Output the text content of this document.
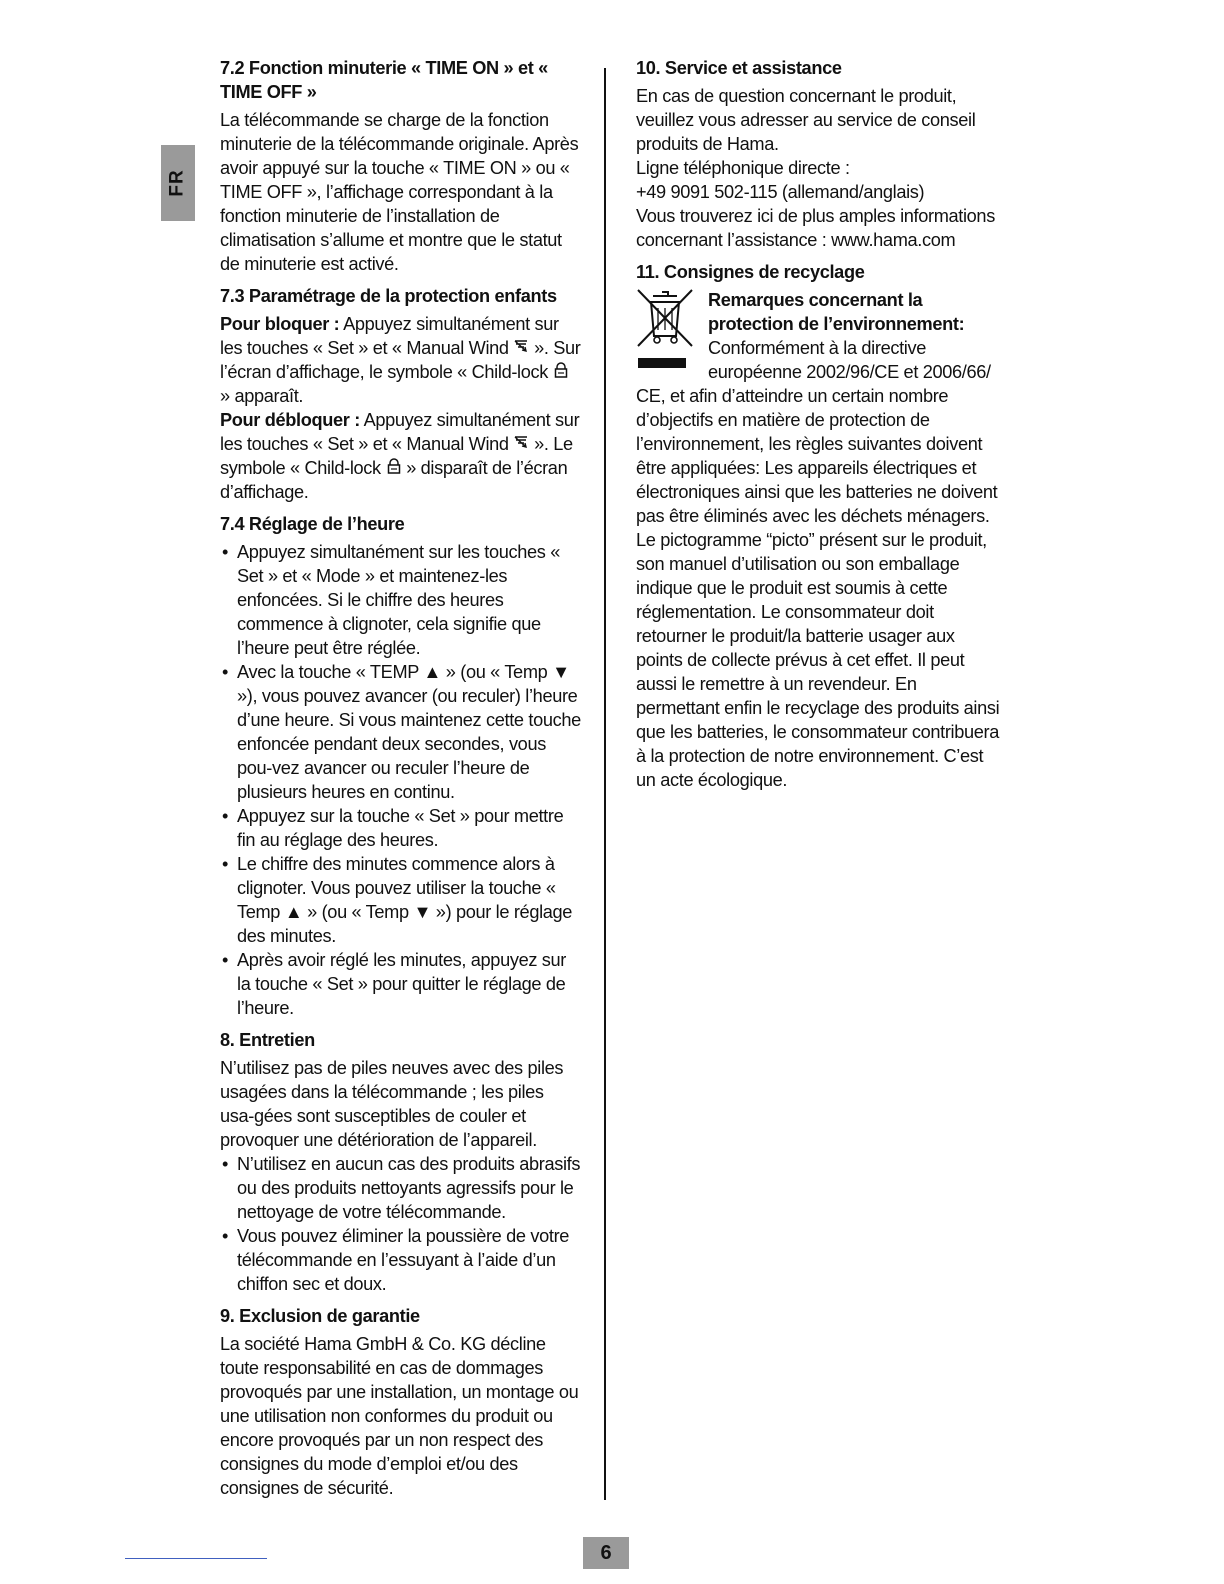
FR
7.2 Fonction minuterie « TIME ON » et « TIME OFF »

La télécommande se charge de la fonction minuterie de la télécommande originale. Après avoir appuyé sur la touche « TIME ON » ou « TIME OFF », l’affichage correspondant à la fonction minuterie de l’installation de climatisation s’allume et montre que le statut de minuterie est activé.

7.3 Paramétrage de la protection enfants

Pour bloquer : Appuyez simultanément sur les touches « Set » et « Manual Wind  ». Sur l’écran d’affichage, le symbole « Child-lock  » apparaît.

Pour débloquer : Appuyez simultanément sur les touches « Set » et « Manual Wind  ». Le symbole « Child-lock  » disparaît de l’écran d’affichage.

7.4 Réglage de l’heure
• Appuyez simultanément sur les touches « Set » et « Mode » et maintenez-les enfoncées. Si le chiffre des heures commence à clignoter, cela signifie que l’heure peut être réglée.
• Avec la touche « TEMP ▲ » (ou « Temp ▼ »), vous pouvez avancer (ou reculer) l’heure d’une heure. Si vous maintenez cette touche enfoncée pendant deux secondes, vous pou-vez avancer ou reculer l’heure de plusieurs heures en continu.
• Appuyez sur la touche « Set » pour mettre fin au réglage des heures.
• Le chiffre des minutes commence alors à clignoter. Vous pouvez utiliser la touche « Temp ▲ » (ou « Temp ▼ ») pour le réglage des minutes.
• Après avoir réglé les minutes, appuyez sur la touche « Set » pour quitter le réglage de l’heure.
8. Entretien

N’utilisez pas de piles neuves avec des piles usagées dans la télécommande ; les piles usa-gées sont susceptibles de couler et provoquer une détérioration de l’appareil.

• N’utilisez en aucun cas des produits abrasifs ou des produits nettoyants agressifs pour le nettoyage de votre télécommande.
• Vous pouvez éliminer la poussière de votre télécommande en l’essuyant à l’aide d’un chiffon sec et doux.
9. Exclusion de garantie

La société Hama GmbH & Co. KG décline toute responsabilité en cas de dommages provoqués par une installation, un montage ou une utilisation non conformes du produit ou encore provoqués par un non respect des consignes du mode d’emploi et/ou des consignes de sécurité.

10. Service et assistance

En cas de question concernant le produit, veuillez vous adresser au service de conseil produits de Hama.

Ligne téléphonique directe :

+49 9091 502-115 (allemand/anglais)

Vous trouverez ici de plus amples informations concernant l’assistance : www.hama.com

11. Consignes de recyclage

Remarques concernant la

protection de l’environnement:

Conformément à la directive

européenne 2002/96/CE et 2006/66/

CE, et afin d’atteindre un certain nombre d’objectifs en matière de protection de l’environnement, les règles suivantes doivent être appliquées: Les appareils électriques et électroniques ainsi que les batteries ne doivent pas être éliminés avec les déchets ménagers. Le pictogramme “picto” présent sur le produit, son manuel d’utilisation ou son emballage indique que le produit est soumis à cette réglementation. Le consommateur doit retourner le produit/la batterie usager aux points de collecte prévus à cet effet. Il peut aussi le remettre à un revendeur. En permettant enfin le recyclage des produits ainsi que les batteries, le consommateur contribuera à la protection de notre environnement. C’est un acte écologique.

6
